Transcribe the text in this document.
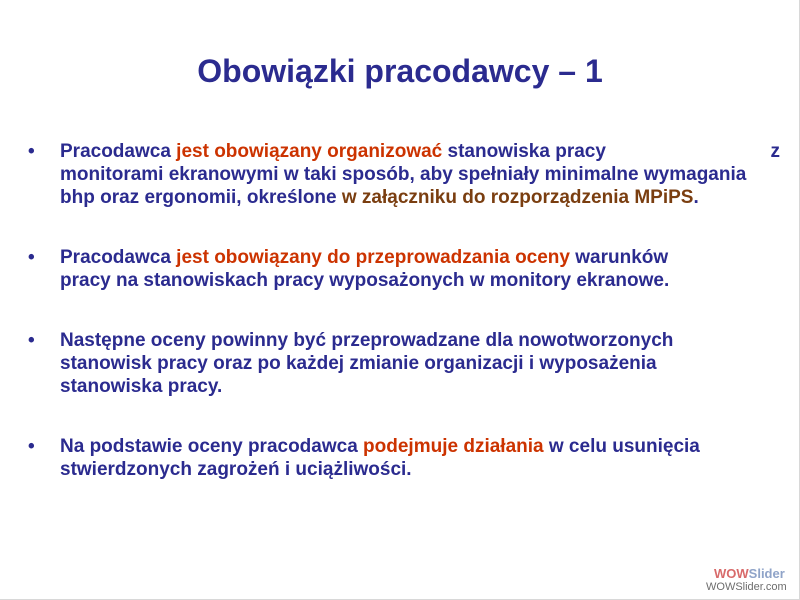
Obowiązki pracodawcy – 1
•	Pracodawca jest obowiązany organizować stanowiska pracy
monitorami ekranowymi w taki sposób, aby spełniały minimalne wymagania bhp oraz ergonomii, określone w załączniku do rozporządzenia MPiPS.
z
•	Pracodawca jest obowiązany do przeprowadzania oceny warunków pracy na stanowiskach pracy wyposażonych w monitory ekranowe.
•	Następne oceny powinny być przeprowadzane dla nowotworzonych stanowisk pracy oraz po każdej zmianie organizacji i wyposażenia stanowiska pracy.
•	Na podstawie oceny pracodawca podejmuje działania w celu usunięcia stwierdzonych zagrożeń i uciążliwości.
WOWSlider
WOWSlider.com
